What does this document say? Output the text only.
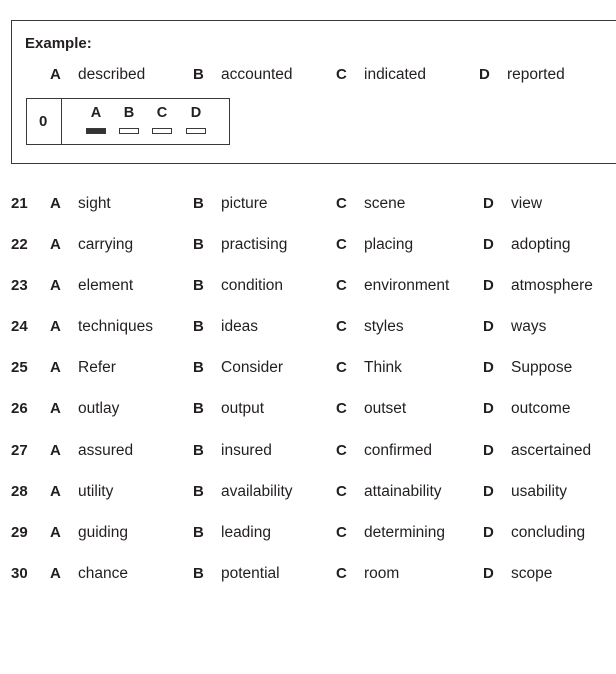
Example:
A described	B accounted	C indicated	D reported
0	A	B	C	D
21 A sight	B picture	C scene	D view
22 A carrying	B practising	C placing	D adopting
23 A element	B condition	C environment D atmosphere
24 A techniques	B ideas	C styles	D ways
25 A Refer	B Consider	C Think	D Suppose
26 A outlay	B output	C outset	D outcome
27 A assured	B insured	C confirmed	D ascertained
28 A utility	B availability	C attainability	D usability
29 A guiding	B leading	C determining	D concluding
30 A chance	B potential	C room	D scope
